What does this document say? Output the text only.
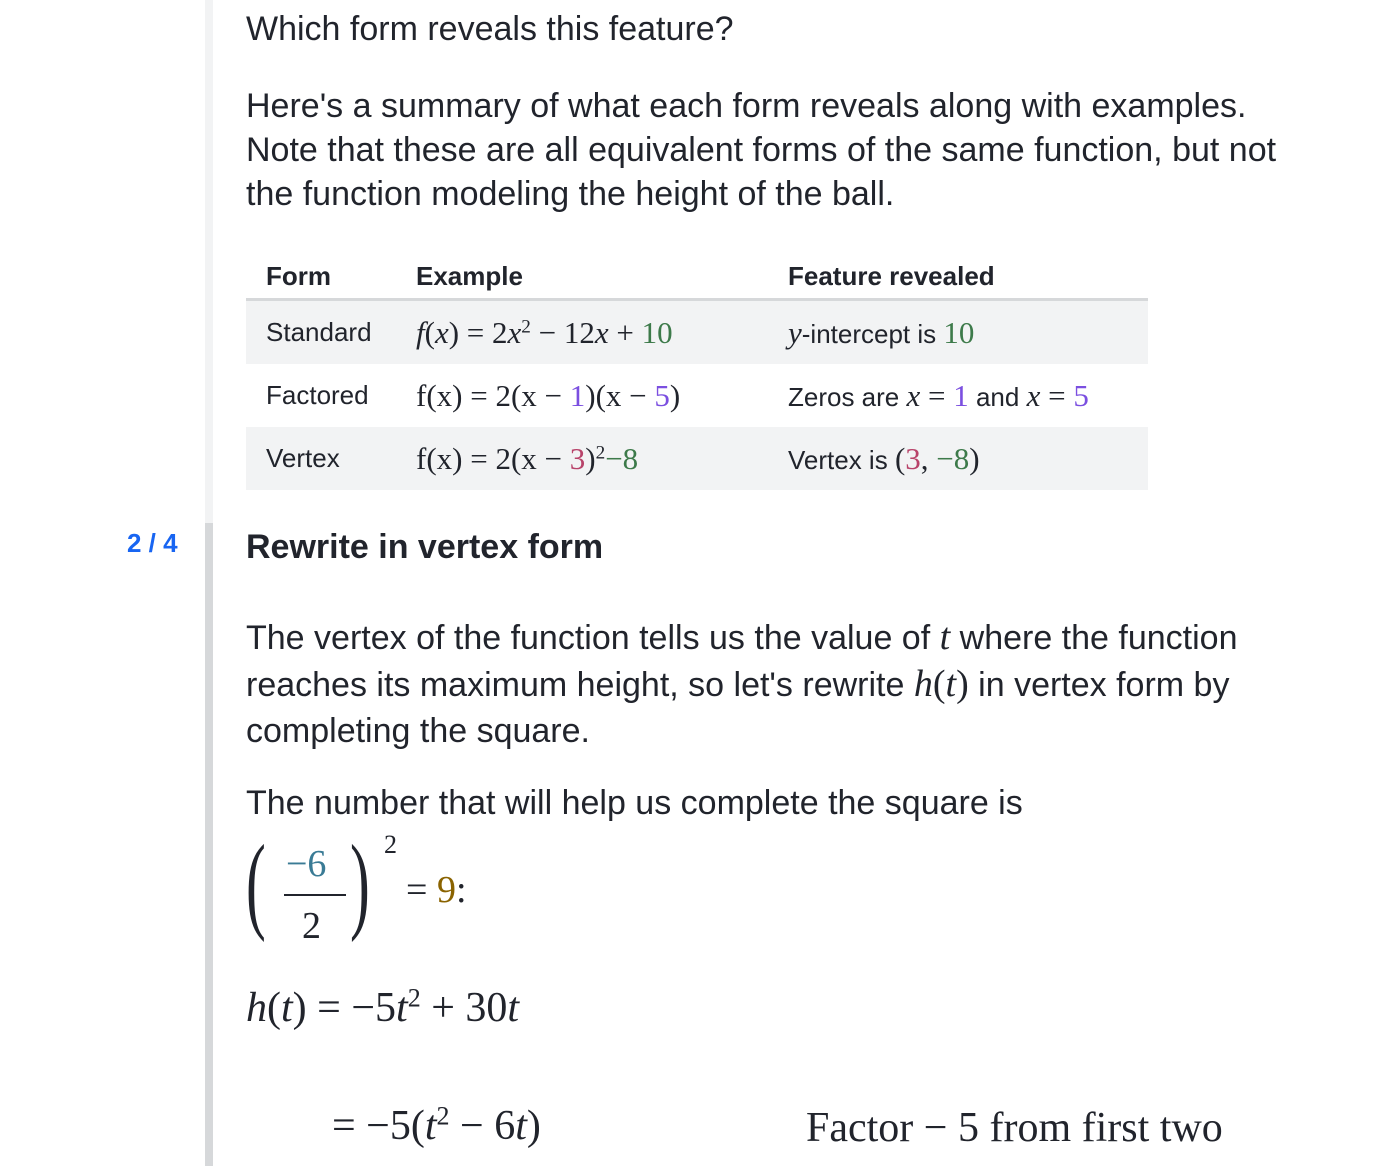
2 / 4

Which form reveals this feature?

Here's a summary of what each form reveals along with examples. Note that these are all equivalent forms of the same function, but not the function modeling the height of the ball.

Form	Example	Feature revealed
Standard	$f(x) = 2x^2 - 12x + 10$	y-intercept is 10
Factored	f(x) = 2(x − 1)(x − 5)	Zeros are x = 1 and x = 5
Vertex	$f(x) = 2(x - 3)^2-8$	Vertex is (3, −8)
Rewrite in vertex form

The vertex of the function tells us the value of t where the function reaches its maximum height, so let's rewrite h(t) in vertex form by completing the square.

The number that will help us complete the square is

( −6
2 ) 2
= 9:
$h(t) = -5t^2 + 30t$
= $-5(t^2 - 6t)$	Factor − 5 from first two
